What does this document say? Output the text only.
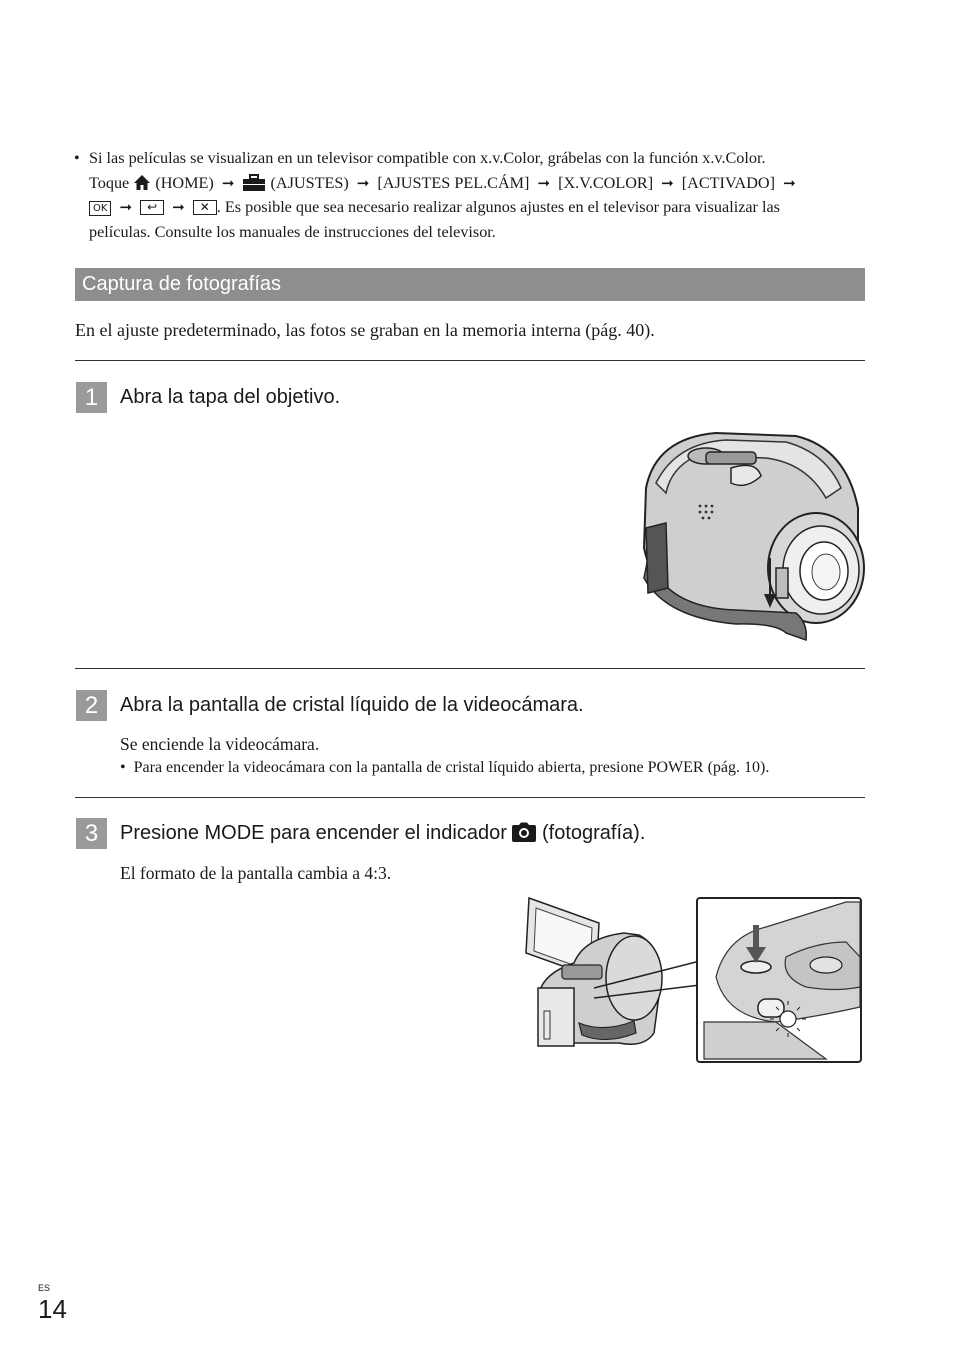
• Si las películas se visualizan en un televisor compatible con x.v.Color, grábelas con la función x.v.Color.
Toque (HOME) ➞ (AJUSTES) ➞ [AJUSTES PEL.CÁM] ➞ [X.V.COLOR] ➞ [ACTIVADO] ➞
OK ➞ ↩ ➞ ✕ . Es posible que sea necesario realizar algunos ajustes en el televisor para visualizar las
películas. Consulte los manuales de instrucciones del televisor.
Captura de fotografías
En el ajuste predeterminado, las fotos se graban en la memoria interna (pág. 40).
1	Abra la tapa del objetivo.
2	Abra la pantalla de cristal líquido de la videocámara.
Se enciende la videocámara.
• Para encender la videocámara con la pantalla de cristal líquido abierta, presione POWER (pág. 10).
3	Presione MODE para encender el indicador (fotografía).
El formato de la pantalla cambia a 4:3.
ES
14
